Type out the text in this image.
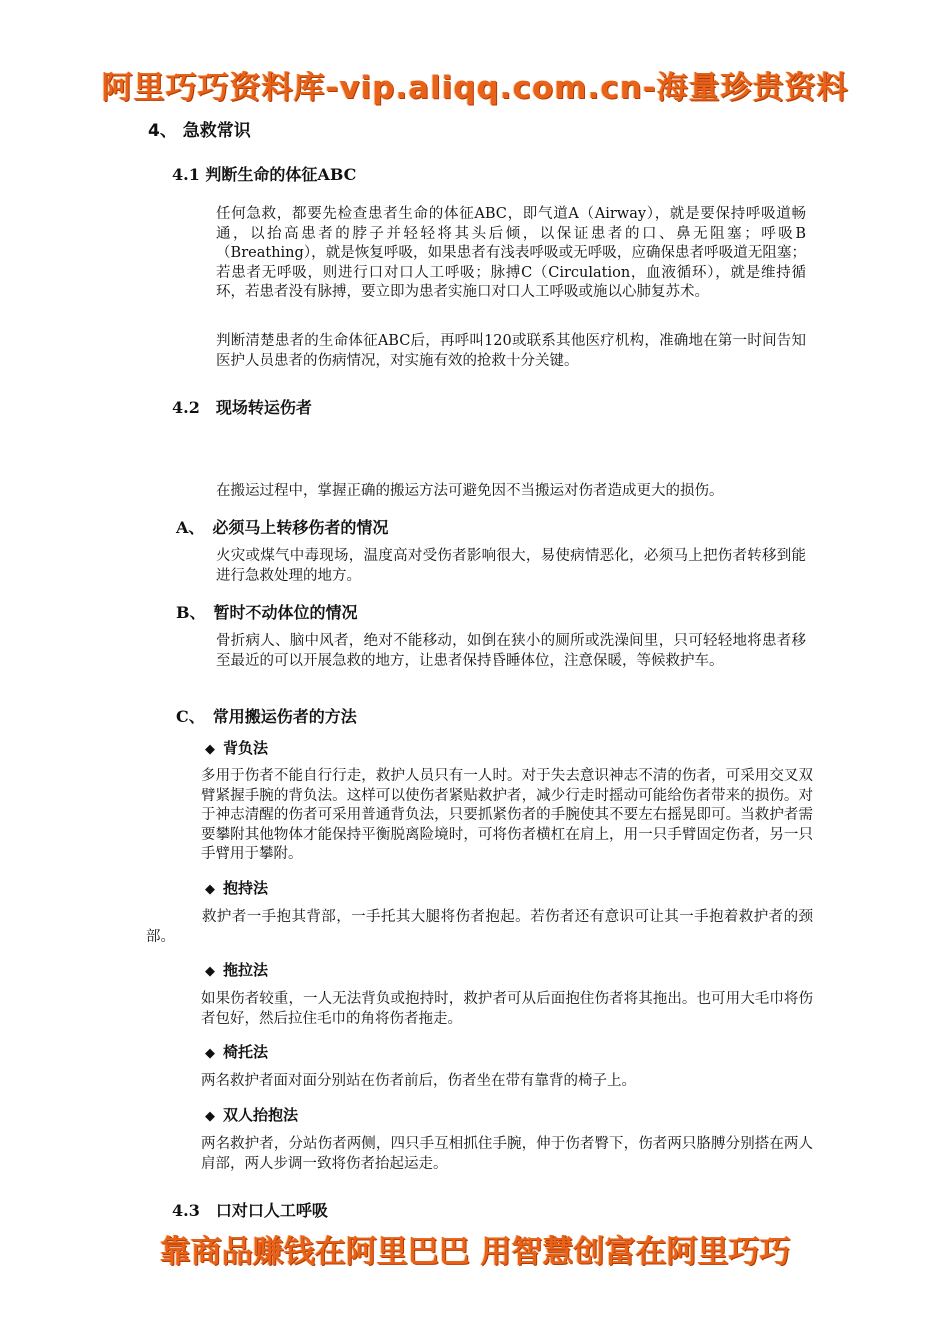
阿里巧巧资料库-vip.aliqq.com.cn-海量珍贵资料
4、 急救常识
4.1 判断生命的体征ABC

任何急救，都要先检查患者生命的体征ABC，即气道A（Airway），就是要保持呼吸道畅通，以抬高患者的脖子并轻轻将其头后倾，以保证患者的口、鼻无阻塞；呼吸B（Breathing），就是恢复呼吸，如果患者有浅表呼吸或无呼吸，应确保患者呼吸道无阻塞；若患者无呼吸，则进行口对口人工呼吸；脉搏C（Circulation，血液循环），就是维持循环，若患者没有脉搏，要立即为患者实施口对口人工呼吸或施以心肺复苏术。

判断清楚患者的生命体征ABC后，再呼叫120或联系其他医疗机构，准确地在第一时间告知医护人员患者的伤病情况，对实施有效的抢救十分关键。

4.2　现场转运伤者

在搬运过程中，掌握正确的搬运方法可避免因不当搬运对伤者造成更大的损伤。

A、　必须马上转移伤者的情况

火灾或煤气中毒现场，温度高对受伤者影响很大，易使病情恶化，必须马上把伤者转移到能进行急救处理的地方。

B、　暂时不动体位的情况

骨折病人、脑中风者，绝对不能移动，如倒在狭小的厕所或洗澡间里，只可轻轻地将患者移至最近的可以开展急救的地方，让患者保持昏睡体位，注意保暖，等候救护车。

C、　常用搬运伤者的方法
◆ 背负法

多用于伤者不能自行行走，救护人员只有一人时。对于失去意识神志不清的伤者，可采用交叉双臂紧握手腕的背负法。这样可以使伤者紧贴救护者，减少行走时摇动可能给伤者带来的损伤。对于神志清醒的伤者可采用普通背负法，只要抓紧伤者的手腕使其不要左右摇晃即可。当救护者需要攀附其他物体才能保持平衡脱离险境时，可将伤者横杠在肩上，用一只手臂固定伤者，另一只手臂用于攀附。

◆ 抱持法

救护者一手抱其背部，一手托其大腿将伤者抱起。若伤者还有意识可让其一手抱着救护者的颈部。

◆ 拖拉法

如果伤者较重，一人无法背负或抱持时，救护者可从后面抱住伤者将其拖出。也可用大毛巾将伤者包好，然后拉住毛巾的角将伤者拖走。

◆ 椅托法

两名救护者面对面分别站在伤者前后，伤者坐在带有靠背的椅子上。

◆ 双人抬抱法

两名救护者，分站伤者两侧，四只手互相抓住手腕，伸于伤者臀下，伤者两只胳膊分别搭在两人肩部，两人步调一致将伤者抬起运走。

4.3　口对口人工呼吸
靠商品赚钱在阿里巴巴 用智慧创富在阿里巧巧
